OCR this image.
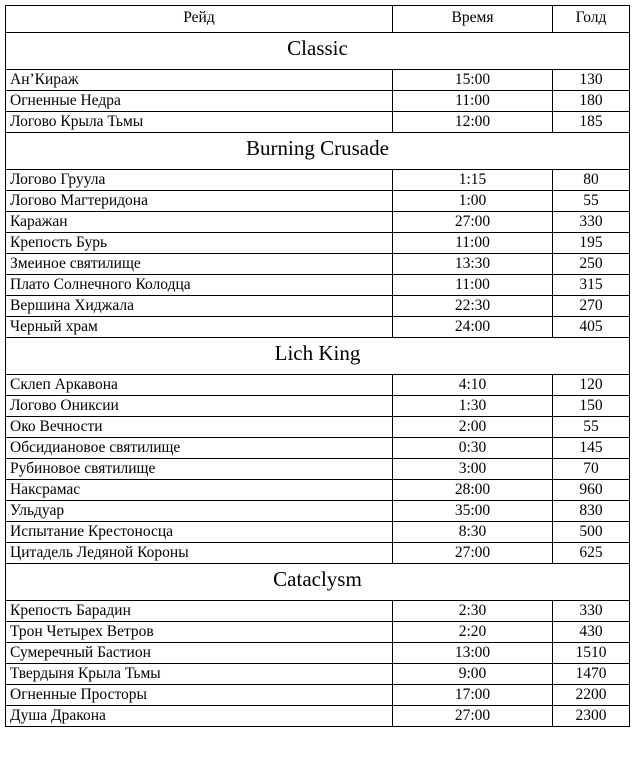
Рейд	Время	Голд
Classic		
Ан’Кираж	15:00	130
Огненные Недра	11:00	180
Логово Крыла Тьмы	12:00	185
Burning Crusade		
Логово Груула	1:15	80
Логово Магтеридона	1:00	55
Каражан	27:00	330
Крепость Бурь	11:00	195
Змеиное святилище	13:30	250
Плато Солнечного Колодца	11:00	315
Вершина Хиджала	22:30	270
Черный храм	24:00	405
Lich King		
Склеп Аркавона	4:10	120
Логово Ониксии	1:30	150
Око Вечности	2:00	55
Обсидиановое святилище	0:30	145
Рубиновое святилище	3:00	70
Наксрамас	28:00	960
Ульдуар	35:00	830
Испытание Крестоносца	8:30	500
Цитадель Ледяной Короны	27:00	625
Cataclysm		
Крепость Барадин	2:30	330
Трон Четырех Ветров	2:20	430
Сумеречный Бастион	13:00	1510
Твердыня Крыла Тьмы	9:00	1470
Огненные Просторы	17:00	2200
Душа Дракона	27:00	2300
